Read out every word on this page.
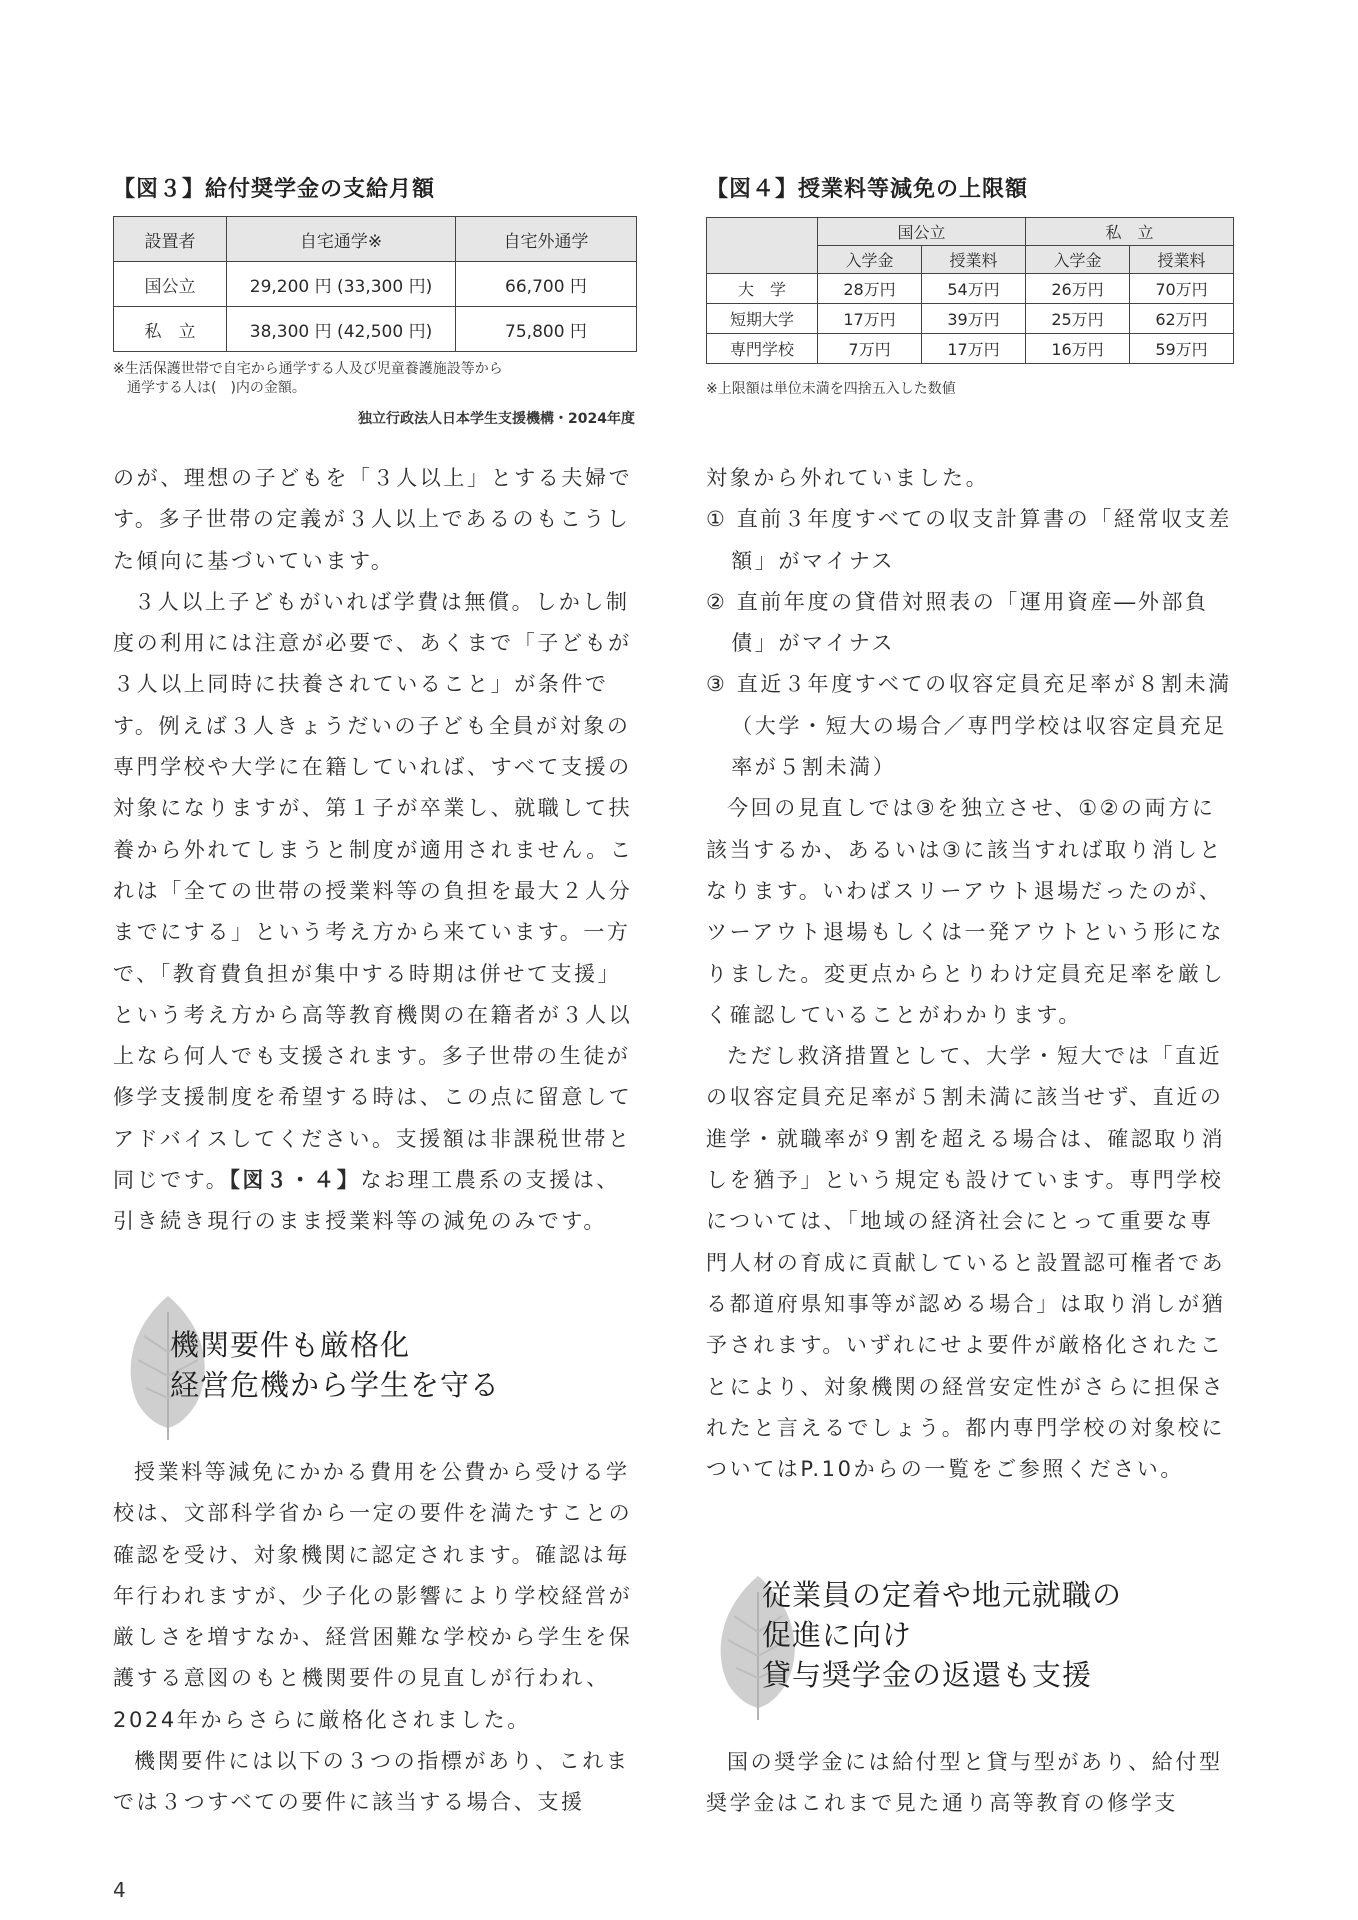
【図３】給付奨学金の支給月額
設置者	自宅通学※	自宅外通学
国公立	29,200 円 (33,300 円)	66,700 円
私　立	38,300 円 (42,500 円)	75,800 円
※生活保護世帯で自宅から通学する人及び児童養護施設等から
　通学する人は(　)内の金額。
独立行政法人日本学生支援機構・2024年度
【図４】授業料等減免の上限額
	国公立		私　立	
	入学金	授業料	入学金	授業料
大　学	28万円	54万円	26万円	70万円
短期大学	17万円	39万円	25万円	62万円
専門学校	7万円	17万円	16万円	59万円
※上限額は単位未満を四捨五入した数値

のが、理想の子どもを「３人以上」とする夫婦です。多子世帯の定義が３人以上であるのもこうした傾向に基づいています。

３人以上子どもがいれば学費は無償。しかし制度の利用には注意が必要で、あくまで「子どもが３人以上同時に扶養されていること」が条件です。例えば３人きょうだいの子ども全員が対象の専門学校や大学に在籍していれば、すべて支援の対象になりますが、第１子が卒業し、就職して扶養から外れてしまうと制度が適用されません。これは「全ての世帯の授業料等の負担を最大２人分までにする」という考え方から来ています。一方で、「教育費負担が集中する時期は併せて支援」という考え方から高等教育機関の在籍者が３人以上なら何人でも支援されます。多子世帯の生徒が修学支援制度を希望する時は、この点に留意してアドバイスしてください。支援額は非課税世帯と同じです。【図３・４】なお理工農系の支援は、引き続き現行のまま授業料等の減免のみです。

機関要件も厳格化
経営危機から学生を守る

授業料等減免にかかる費用を公費から受ける学校は、文部科学省から一定の要件を満たすことの確認を受け、対象機関に認定されます。確認は毎年行われますが、少子化の影響により学校経営が厳しさを増すなか、経営困難な学校から学生を保護する意図のもと機関要件の見直しが行われ、2024年からさらに厳格化されました。

機関要件には以下の３つの指標があり、これまでは３つすべての要件に該当する場合、支援

対象から外れていました。

① 直前３年度すべての収支計算書の「経常収支差額」がマイナス

② 直前年度の貸借対照表の「運用資産―外部負債」がマイナス

③ 直近３年度すべての収容定員充足率が８割未満（大学・短大の場合／専門学校は収容定員充足率が５割未満）

今回の見直しでは③を独立させ、①②の両方に該当するか、あるいは③に該当すれば取り消しとなります。いわばスリーアウト退場だったのが、ツーアウト退場もしくは一発アウトという形になりました。変更点からとりわけ定員充足率を厳しく確認していることがわかります。

ただし救済措置として、大学・短大では「直近の収容定員充足率が５割未満に該当せず、直近の進学・就職率が９割を超える場合は、確認取り消しを猶予」という規定も設けています。専門学校については、「地域の経済社会にとって重要な専門人材の育成に貢献していると設置認可権者である都道府県知事等が認める場合」は取り消しが猶予されます。いずれにせよ要件が厳格化されたことにより、対象機関の経営安定性がさらに担保されたと言えるでしょう。都内専門学校の対象校についてはP.10からの一覧をご参照ください。

従業員の定着や地元就職の
促進に向け
貸与奨学金の返還も支援

国の奨学金には給付型と貸与型があり、給付型奨学金はこれまで見た通り高等教育の修学支

4
